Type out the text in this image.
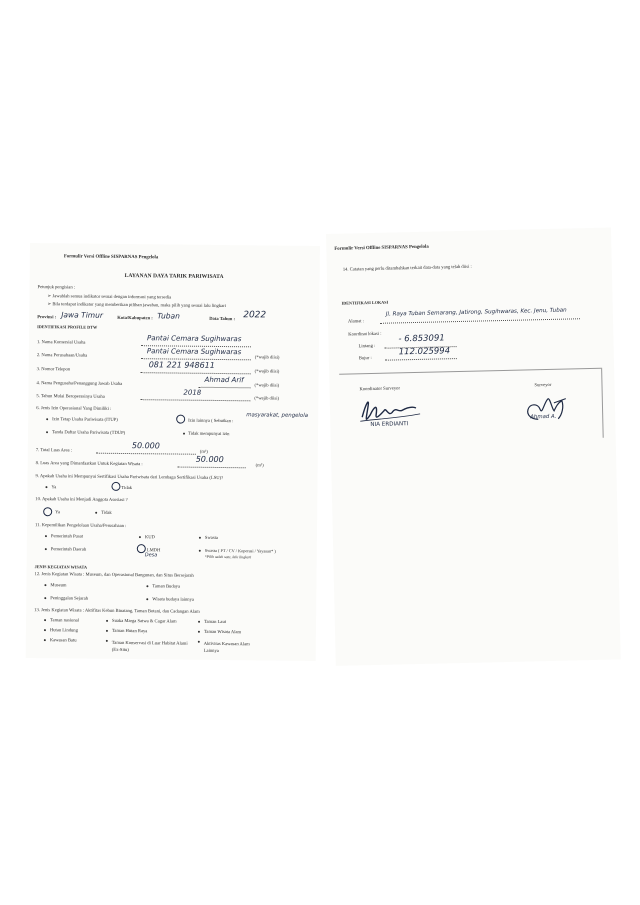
Formulir Versi Offline SISPARNAS Pengelola
LAYANAN DAYA TARIK PARIWISATA
Petunjuk pengisian :
➢ Jawablah semua indikator sesuai dengan informasi yang tersedia
➢ Bila terdapat indikator yang memberikan pilihan jawaban, maka pilih yang sesuai lalu lingkari
Provinsi : Jawa Timur	Kota/Kabupaten : Tuban	Data Tahun : 2022
IDENTIFIKASI PROFILE DTW
1. Nama Komersial Usaha	Pantai Cemara Sugihwaras
2. Nama Perusahaan/Usaha	Pantai Cemara Sugihwaras
(*wajib diisi)
3. Nomor Telepon	081 221 948611
(*wajib diisi)
4. Nama Pengusaha/Penanggung Jawab Usaha	Ahmad Arif
(*wajib diisi)
5. Tahun Mulai Beroperasinya Usaha	2018
(*wajib diisi)
6. Jenis Izin Operasional Yang Dimiliki :
Izin Tetap Usaha Pariwisata (ITUP)	Izin lainnya ( Sebutkan :
masyarakat, pengelola
Tanda Daftar Usaha Pariwisata (TDUP)	Tidak mempunyai izin
7. Total Luas Area :	50.000
(m²)
8. Luas Area yang Dimanfaatkan Untuk Kegiatan Wisata :	50.000
(m²)
9. Apakah Usaha ini Mempunyai Sertifikasi Usaha Pariwisata dari Lembaga Sertifikasi Usaha (LSU)?
Ya	Tidak
10. Apakah Usaha ini Menjadi Anggota Asosiasi ?
Ya	Tidak
11. Kepemilikan Pengelolaan Usaha/Perusahaan :
Pemerintah Pusat	KUD	Swasta
Pemerintah Daerah	LMDH
Desa
Swasta ( PT / CV / Koperasi / Yayasan* )
*Pilih salah satu, lalu lingkari
JENIS KEGIATAN WISATA
12. Jenis Kegiatan Wisata : Museum, dan Operasional Bangunan, dan Situs Bersejarah
Museum	Taman Budaya
Peninggalan Sejarah	Wisata budaya lainnya
13. Jenis Kegiatan Wisata : Aktifitas Kebun Binatang, Taman Botani, dan Cadangan Alam
Taman nasional	Suaka Marga Satwa & Cagar Alam	Taman Laut
Hutan Lindung	Taman Hutan Raya	Taman Wisata Alam
Kawasan Batu
Taman Konservasi di Luar Habitat Alami (Ex-Situ)
Aktivitas Kawasan Alam Lainnya
Formulir Versi Offline SISPARNAS Pengelola
14. Catatan yang perlu ditambahkan terkait data-data yang telah diisi :
IDENTIFIKASI LOKASI
Alamat :
Jl. Raya Tuban Semarang, Jatirong, Sugihwaras, Kec. Jenu, Tuban
Koordinat lokasi :
Lintang :
- 6.853091
Bujur :
112.025994
Koordinator Surveyor
Surveyor
NIA ERDIANTI
Ahmad A.
